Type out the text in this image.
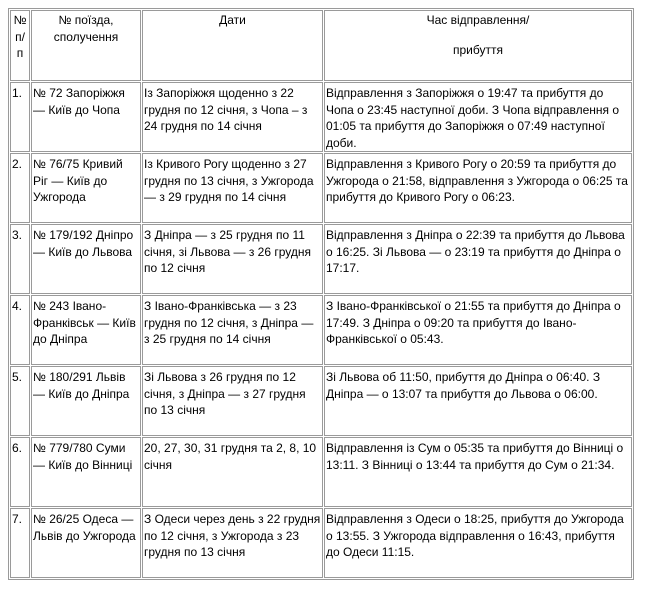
№ п/п	№ поїзда, сполучення	Дати	Час відправлення/
прибуття

1.	№ 72 Запоріжжя — Київ до Чопа	Із Запоріжжя щоденно з 22 грудня по 12 січня, з Чопа – з 24 грудня по 14 січня	Відправлення з Запоріжжя о 19:47 та прибуття до Чопа о 23:45 наступної доби. З Чопа відправлення о 01:05 та прибуття до Запоріжжя о 07:49 наступної доби.
2.	№ 76/75 Кривий Ріг — Київ до Ужгорода	Із Кривого Рогу щоденно з 27 грудня по 13 січня, з Ужгорода — з 29 грудня по 14 січня	Відправлення з Кривого Рогу о 20:59 та прибуття до Ужгорода о 21:58, відправлення з Ужгорода о 06:25 та прибуття до Кривого Рогу о 06:23.
3.	№ 179/192 Дніпро — Київ до Львова	З Дніпра — з 25 грудня по 11 січня, зі Львова — з 26 грудня по 12 січня	Відправлення з Дніпра о 22:39 та прибуття до Львова о 16:25. Зі Львова — о 23:19 та прибуття до Дніпра о 17:17.
4.	№ 243 Івано-Франківськ — Київ до Дніпра	З Івано-Франківська — з 23 грудня по 12 січня, з Дніпра — з 25 грудня по 14 січня	З Івано-Франківської о 21:55 та прибуття до Дніпра о 17:49. З Дніпра о 09:20 та прибуття до Івано-Франківської о 05:43.
5.	№ 180/291 Львів — Київ до Дніпра	Зі Львова з 26 грудня по 12 січня, з Дніпра — з 27 грудня по 13 січня	Зі Львова об 11:50, прибуття до Дніпра о 06:40. З Дніпра — о 13:07 та прибуття до Львова о 06:00.
6.	№ 779/780 Суми — Київ до Вінниці	20, 27, 30, 31 грудня та 2, 8, 10 січня	Відправлення із Сум о 05:35 та прибуття до Вінниці о 13:11. З Вінниці о 13:44 та прибуття до Сум о 21:34.
7.	№ 26/25 Одеса — Львів до Ужгорода	З Одеси через день з 22 грудня по 12 січня, з Ужгорода з 23 грудня по 13 січня	Відправлення з Одеси о 18:25, прибуття до Ужгорода о 13:55. З Ужгорода відправлення о 16:43, прибуття до Одеси 11:15.
